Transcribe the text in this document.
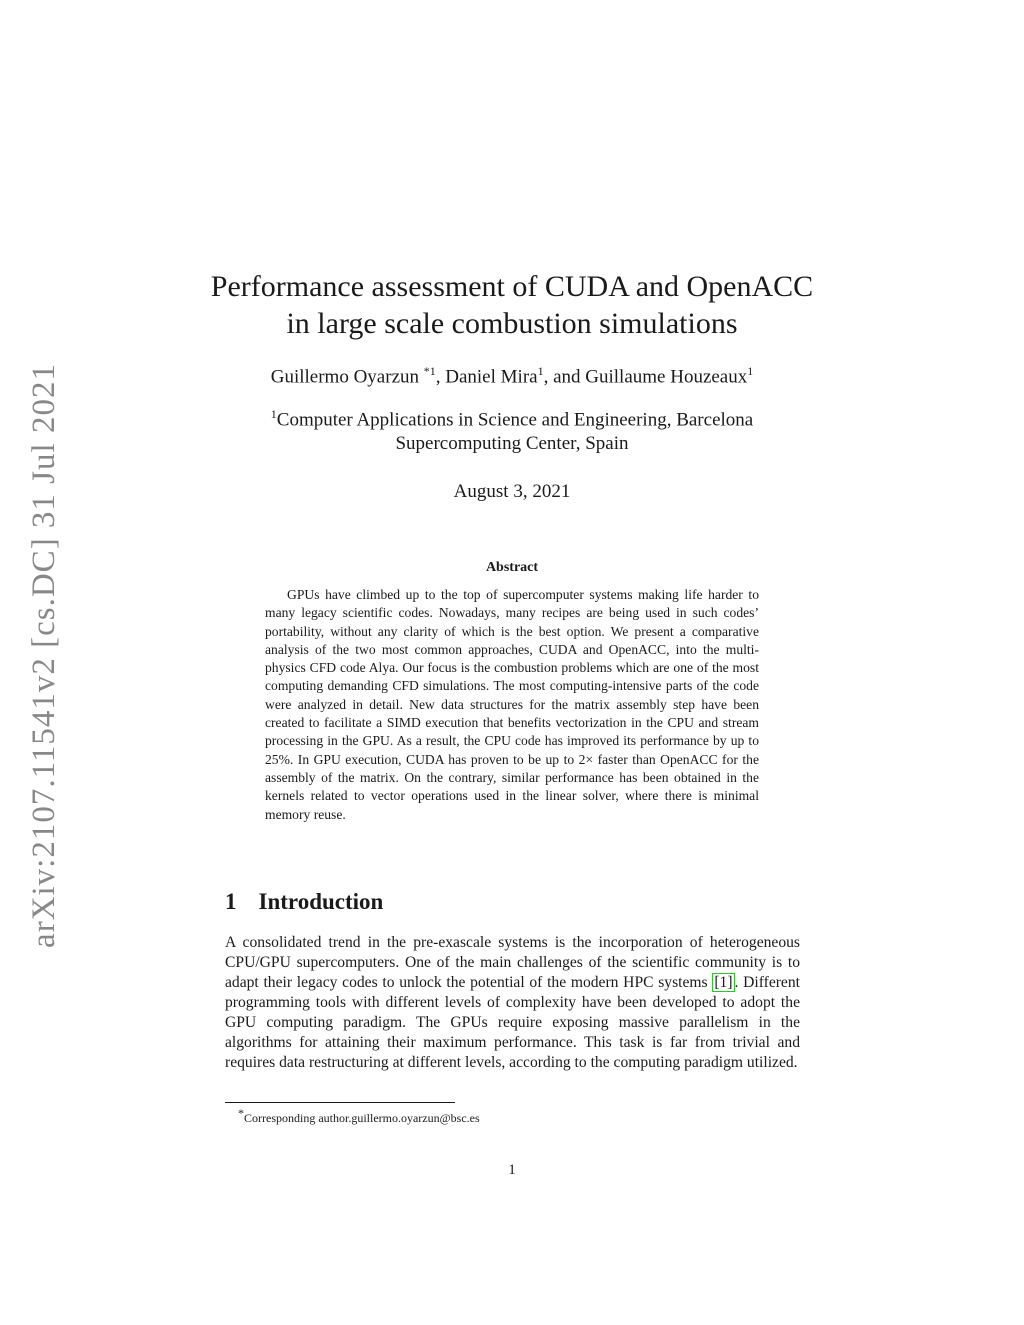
arXiv:2107.11541v2 [cs.DC] 31 Jul 2021
Performance assessment of CUDA and OpenACC
in large scale combustion simulations
Guillermo Oyarzun $^{*1}$, Daniel Mira$^1$, and Guillaume Houzeaux$^1$
$^1$Computer Applications in Science and Engineering, Barcelona
Supercomputing Center, Spain
August 3, 2021
Abstract

GPUs have climbed up to the top of supercomputer systems making life harder to many legacy scientific codes. Nowadays, many recipes are being used in such codes’ portability, without any clarity of which is the best option. We present a comparative analysis of the two most common approaches, CUDA and OpenACC, into the multi-physics CFD code Alya. Our focus is the combustion problems which are one of the most computing demanding CFD simulations. The most computing-intensive parts of the code were analyzed in detail. New data structures for the matrix assembly step have been created to facilitate a SIMD execution that benefits vectorization in the CPU and stream processing in the GPU. As a result, the CPU code has improved its performance by up to 25%. In GPU execution, CUDA has proven to be up to 2× faster than OpenACC for the assembly of the matrix. On the contrary, similar performance has been obtained in the kernels related to vector operations used in the linear solver, where there is minimal memory reuse.

1 Introduction

A consolidated trend in the pre-exascale systems is the incorporation of heterogeneous CPU/GPU supercomputers. One of the main challenges of the scientific community is to adapt their legacy codes to unlock the potential of the modern HPC systems [1] . Different programming tools with different levels of complexity have been developed to adopt the GPU computing paradigm. The GPUs require exposing massive parallelism in the algorithms for attaining their maximum performance. This task is far from trivial and requires data restructuring at different levels, according to the computing paradigm utilized.

*Corresponding author.guillermo.oyarzun@bsc.es
1
